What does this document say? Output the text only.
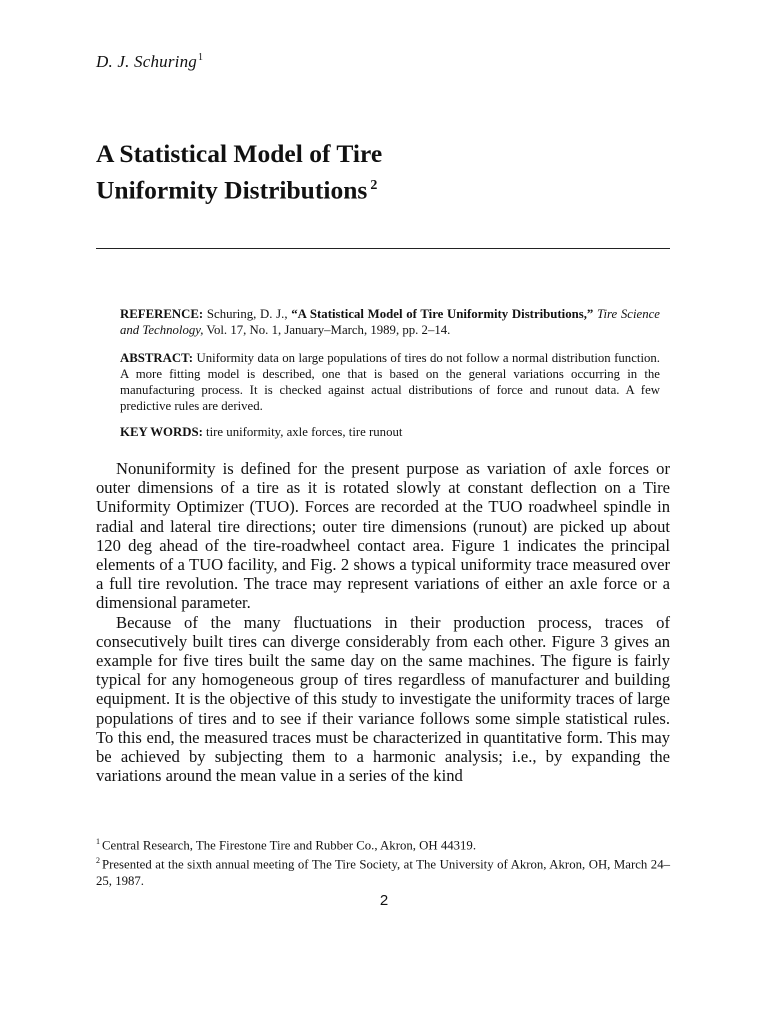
D. J. Schuring$^1$
A Statistical Model of Tire
Uniformity Distributions $^2$
REFERENCE: Schuring, D. J., “A Statistical Model of Tire Uniformity Distributions,” Tire Science and Technology, Vol. 17, No. 1, January–March, 1989, pp. 2–14.
ABSTRACT: Uniformity data on large populations of tires do not follow a normal distribution function. A more fitting model is described, one that is based on the general variations occurring in the manufacturing process. It is checked against actual distributions of force and runout data. A few predictive rules are derived.
KEY WORDS: tire uniformity, axle forces, tire runout

Nonuniformity is defined for the present purpose as variation of axle forces or outer dimensions of a tire as it is rotated slowly at constant deflection on a Tire Uniformity Optimizer (TUO). Forces are recorded at the TUO roadwheel spindle in radial and lateral tire directions; outer tire dimensions (runout) are picked up about 120 deg ahead of the tire-roadwheel contact area. Figure 1 indicates the principal elements of a TUO facility, and Fig. 2 shows a typical uniformity trace measured over a full tire revolution. The trace may represent variations of either an axle force or a dimensional parameter.

Because of the many fluctuations in their production process, traces of consecutively built tires can diverge considerably from each other. Figure 3 gives an example for five tires built the same day on the same machines. The figure is fairly typical for any homogeneous group of tires regardless of manufacturer and building equipment. It is the objective of this study to investigate the uniformity traces of large populations of tires and to see if their variance follows some simple statistical rules. To this end, the measured traces must be characterized in quantitative form. This may be achieved by subjecting them to a harmonic analysis; i.e., by expanding the variations around the mean value in a series of the kind

$^1$ Central Research, The Firestone Tire and Rubber Co., Akron, OH 44319.

$^2$ Presented at the sixth annual meeting of The Tire Society, at The University of Akron, Akron, OH, March 24–25, 1987.

2
